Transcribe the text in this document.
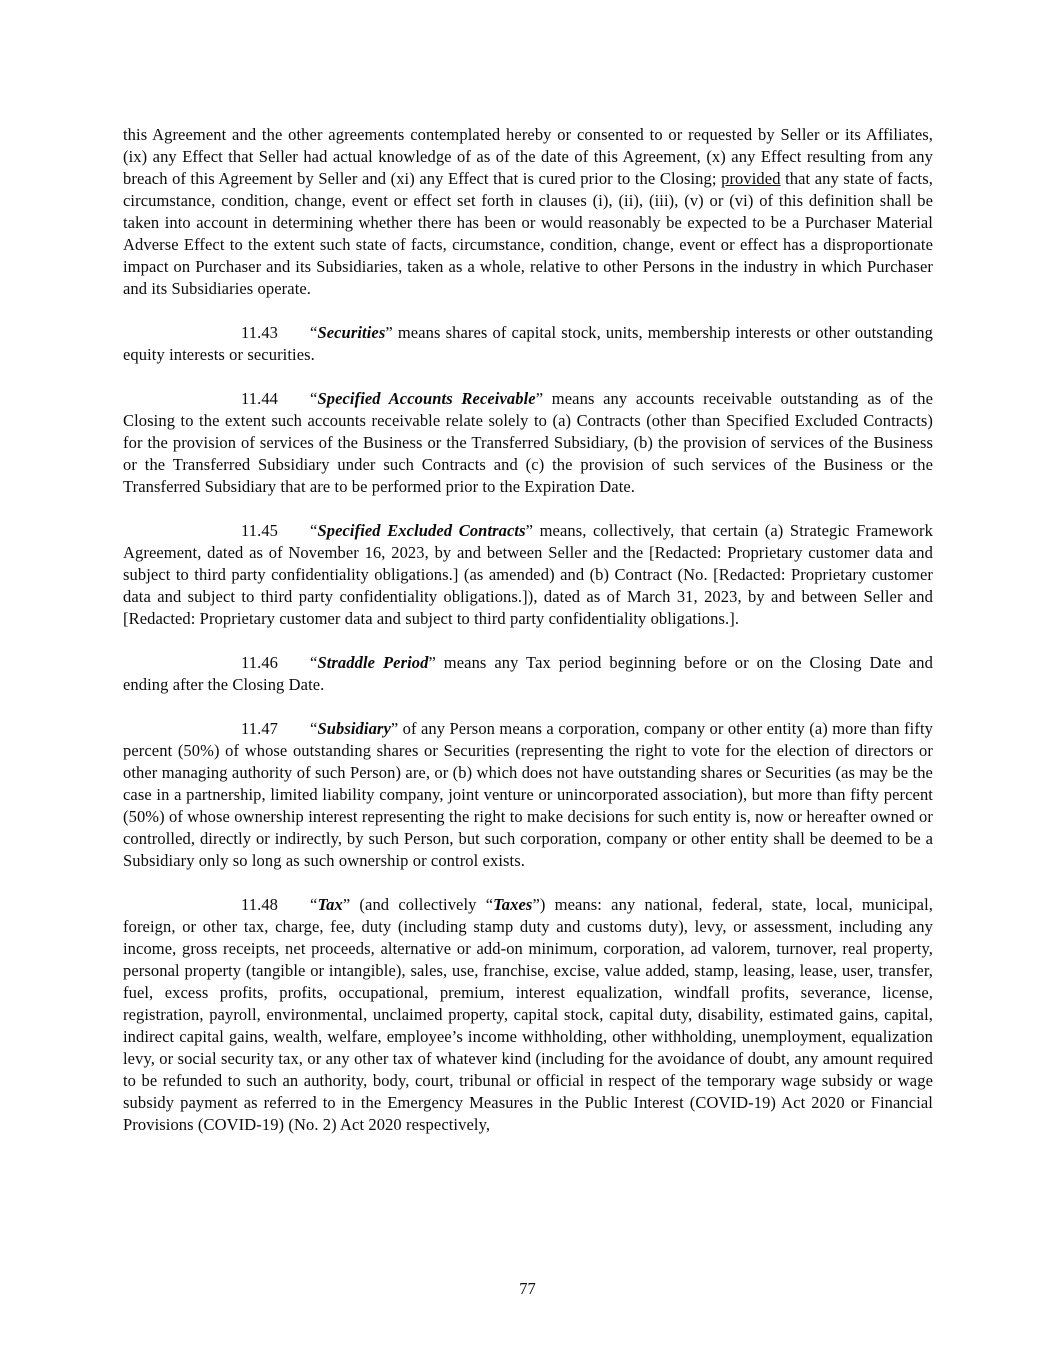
this Agreement and the other agreements contemplated hereby or consented to or requested by Seller or its Affiliates, (ix) any Effect that Seller had actual knowledge of as of the date of this Agreement, (x) any Effect resulting from any breach of this Agreement by Seller and (xi) any Effect that is cured prior to the Closing; provided that any state of facts, circumstance, condition, change, event or effect set forth in clauses (i), (ii), (iii), (v) or (vi) of this definition shall be taken into account in determining whether there has been or would reasonably be expected to be a Purchaser Material Adverse Effect to the extent such state of facts, circumstance, condition, change, event or effect has a disproportionate impact on Purchaser and its Subsidiaries, taken as a whole, relative to other Persons in the industry in which Purchaser and its Subsidiaries operate.

11.43 “Securities” means shares of capital stock, units, membership interests or other outstanding equity interests or securities.

11.44 “Specified Accounts Receivable” means any accounts receivable outstanding as of the Closing to the extent such accounts receivable relate solely to (a) Contracts (other than Specified Excluded Contracts) for the provision of services of the Business or the Transferred Subsidiary, (b) the provision of services of the Business or the Transferred Subsidiary under such Contracts and (c) the provision of such services of the Business or the Transferred Subsidiary that are to be performed prior to the Expiration Date.

11.45 “Specified Excluded Contracts” means, collectively, that certain (a) Strategic Framework Agreement, dated as of November 16, 2023, by and between Seller and the [Redacted: Proprietary customer data and subject to third party confidentiality obligations.] (as amended) and (b) Contract (No. [Redacted: Proprietary customer data and subject to third party confidentiality obligations.]), dated as of March 31, 2023, by and between Seller and [Redacted: Proprietary customer data and subject to third party confidentiality obligations.].

11.46 “Straddle Period” means any Tax period beginning before or on the Closing Date and ending after the Closing Date.

11.47 “Subsidiary” of any Person means a corporation, company or other entity (a) more than fifty percent (50%) of whose outstanding shares or Securities (representing the right to vote for the election of directors or other managing authority of such Person) are, or (b) which does not have outstanding shares or Securities (as may be the case in a partnership, limited liability company, joint venture or unincorporated association), but more than fifty percent (50%) of whose ownership interest representing the right to make decisions for such entity is, now or hereafter owned or controlled, directly or indirectly, by such Person, but such corporation, company or other entity shall be deemed to be a Subsidiary only so long as such ownership or control exists.

11.48 “Tax” (and collectively “Taxes”) means: any national, federal, state, local, municipal, foreign, or other tax, charge, fee, duty (including stamp duty and customs duty), levy, or assessment, including any income, gross receipts, net proceeds, alternative or add-on minimum, corporation, ad valorem, turnover, real property, personal property (tangible or intangible), sales, use, franchise, excise, value added, stamp, leasing, lease, user, transfer, fuel, excess profits, profits, occupational, premium, interest equalization, windfall profits, severance, license, registration, payroll, environmental, unclaimed property, capital stock, capital duty, disability, estimated gains, capital, indirect capital gains, wealth, welfare, employee’s income withholding, other withholding, unemployment, equalization levy, or social security tax, or any other tax of whatever kind (including for the avoidance of doubt, any amount required to be refunded to such an authority, body, court, tribunal or official in respect of the temporary wage subsidy or wage subsidy payment as referred to in the Emergency Measures in the Public Interest (COVID-19) Act 2020 or Financial Provisions (COVID-19) (No. 2) Act 2020 respectively,

77
